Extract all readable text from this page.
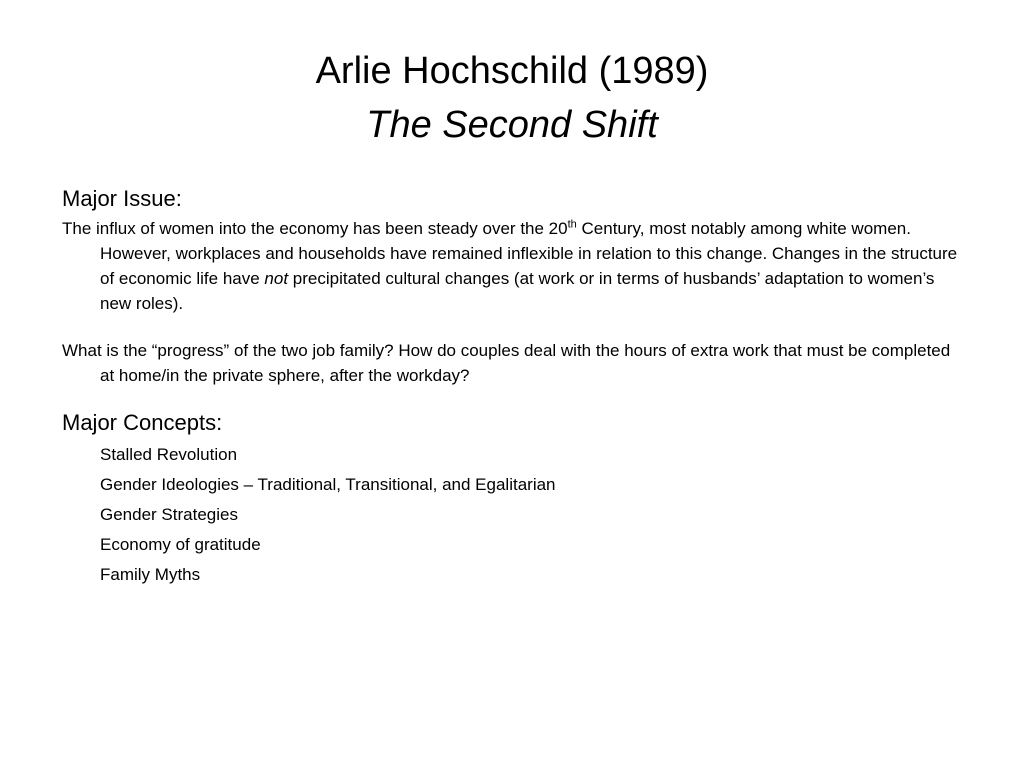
Arlie Hochschild (1989)
The Second Shift

Major Issue:

The influx of women into the economy has been steady over the 20th Century, most notably among white women. However, workplaces and households have remained inflexible in relation to this change. Changes in the structure of economic life have not precipitated cultural changes (at work or in terms of husbands’ adaptation to women’s new roles).

What is the “progress” of the two job family? How do couples deal with the hours of extra work that must be completed at home/in the private sphere, after the workday?

Major Concepts:

Stalled Revolution
Gender Ideologies – Traditional, Transitional, and Egalitarian
Gender Strategies
Economy of gratitude
Family Myths
